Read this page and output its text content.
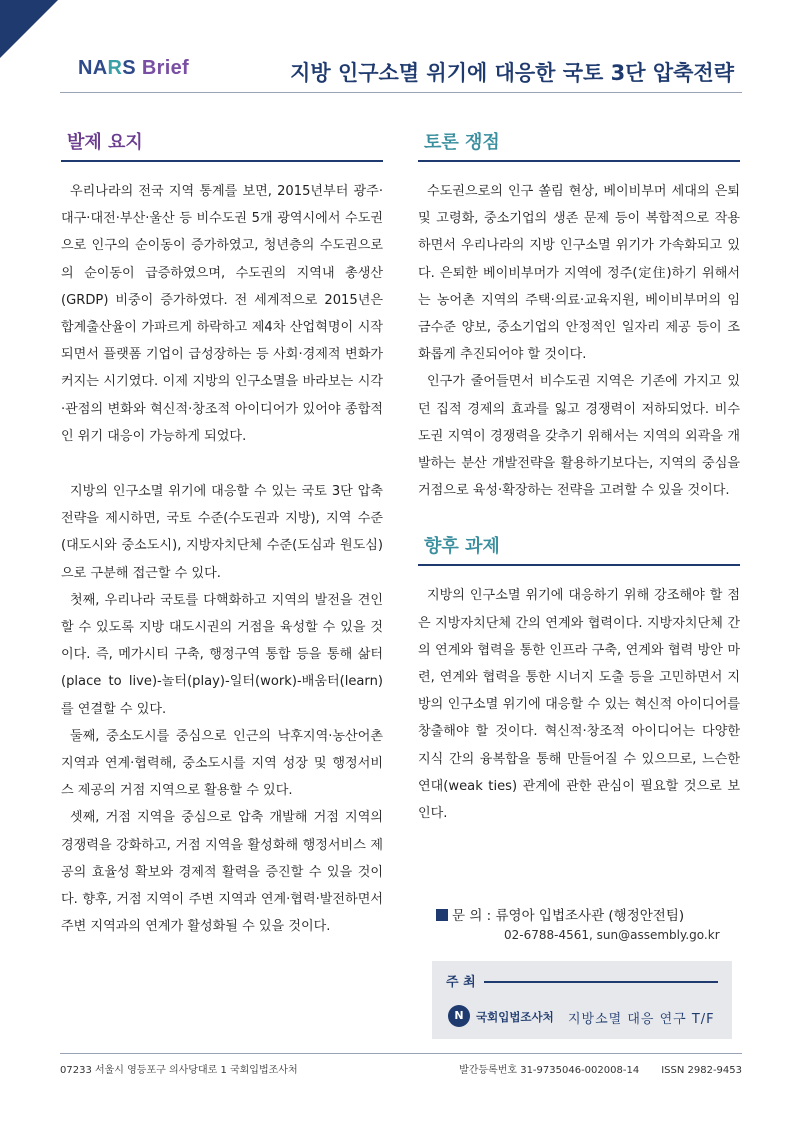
NARS Brief	지방 인구소멸 위기에 대응한 국토 3단 압축전략
발제 요지

우리나라의 전국 지역 통계를 보면, 2015년부터 광주·대구·대전·부산·울산 등 비수도권 5개 광역시에서 수도권으로 인구의 순이동이 증가하였고, 청년층의 수도권으로의 순이동이 급증하였으며, 수도권의 지역내 총생산(GRDP) 비중이 증가하였다. 전 세계적으로 2015년은 합계출산율이 가파르게 하락하고 제4차 산업혁명이 시작되면서 플랫폼 기업이 급성장하는 등 사회·경제적 변화가 커지는 시기였다. 이제 지방의 인구소멸을 바라보는 시각·관점의 변화와 혁신적·창조적 아이디어가 있어야 종합적인 위기 대응이 가능하게 되었다.

지방의 인구소멸 위기에 대응할 수 있는 국토 3단 압축전략을 제시하면, 국토 수준(수도권과 지방), 지역 수준(대도시와 중소도시), 지방자치단체 수준(도심과 원도심)으로 구분해 접근할 수 있다.

첫째, 우리나라 국토를 다핵화하고 지역의 발전을 견인할 수 있도록 지방 대도시권의 거점을 육성할 수 있을 것이다. 즉, 메가시티 구축, 행정구역 통합 등을 통해 삶터(place to live)-놀터(play)-일터(work)-배움터(learn)를 연결할 수 있다.

둘째, 중소도시를 중심으로 인근의 낙후지역·농산어촌 지역과 연계·협력해, 중소도시를 지역 성장 및 행정서비스 제공의 거점 지역으로 활용할 수 있다.

셋째, 거점 지역을 중심으로 압축 개발해 거점 지역의 경쟁력을 강화하고, 거점 지역을 활성화해 행정서비스 제공의 효율성 확보와 경제적 활력을 증진할 수 있을 것이다. 향후, 거점 지역이 주변 지역과 연계·협력·발전하면서 주변 지역과의 연계가 활성화될 수 있을 것이다.

토론 쟁점

수도권으로의 인구 쏠림 현상, 베이비부머 세대의 은퇴 및 고령화, 중소기업의 생존 문제 등이 복합적으로 작용하면서 우리나라의 지방 인구소멸 위기가 가속화되고 있다. 은퇴한 베이비부머가 지역에 정주(定住)하기 위해서는 농어촌 지역의 주택·의료·교육지원, 베이비부머의 임금수준 양보, 중소기업의 안정적인 일자리 제공 등이 조화롭게 추진되어야 할 것이다.

인구가 줄어들면서 비수도권 지역은 기존에 가지고 있던 집적 경제의 효과를 잃고 경쟁력이 저하되었다. 비수도권 지역이 경쟁력을 갖추기 위해서는 지역의 외곽을 개발하는 분산 개발전략을 활용하기보다는, 지역의 중심을 거점으로 육성·확장하는 전략을 고려할 수 있을 것이다.

향후 과제

지방의 인구소멸 위기에 대응하기 위해 강조해야 할 점은 지방자치단체 간의 연계와 협력이다. 지방자치단체 간의 연계와 협력을 통한 인프라 구축, 연계와 협력 방안 마련, 연계와 협력을 통한 시너지 도출 등을 고민하면서 지방의 인구소멸 위기에 대응할 수 있는 혁신적 아이디어를 창출해야 할 것이다. 혁신적·창조적 아이디어는 다양한 지식 간의 융복합을 통해 만들어질 수 있으므로, 느슨한 연대(weak ties) 관계에 관한 관심이 필요할 것으로 보인다.

문 의 : 류영아 입법조사관 (행정안전팀)
02-6788-4561, sun@assembly.go.kr
주 최
N	국회입법조사처 지방소멸 대응 연구 T/F
07233 서울시 영등포구 의사당대로 1 국회입법조사처	발간등록번호 31-9735046-002008-14 ISSN 2982-9453
